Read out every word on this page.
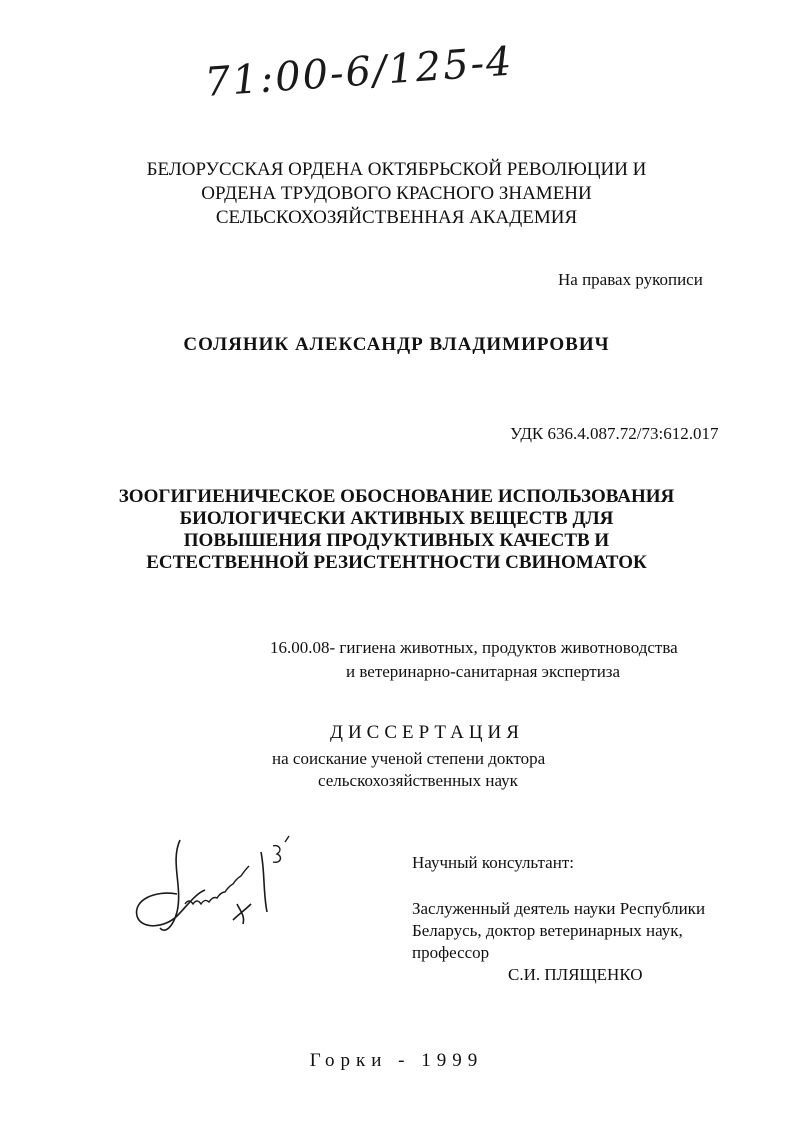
71:00-6/125-4
БЕЛОРУССКАЯ ОРДЕНА ОКТЯБРЬСКОЙ РЕВОЛЮЦИИ И
ОРДЕНА ТРУДОВОГО КРАСНОГО ЗНАМЕНИ
СЕЛЬСКОХОЗЯЙСТВЕННАЯ АКАДЕМИЯ
На правах рукописи
СОЛЯНИК АЛЕКСАНДР ВЛАДИМИРОВИЧ
УДК 636.4.087.72/73:612.017
ЗООГИГИЕНИЧЕСКОЕ ОБОСНОВАНИЕ ИСПОЛЬЗОВАНИЯ
БИОЛОГИЧЕСКИ АКТИВНЫХ ВЕЩЕСТВ ДЛЯ
ПОВЫШЕНИЯ ПРОДУКТИВНЫХ КАЧЕСТВ И
ЕСТЕСТВЕННОЙ РЕЗИСТЕНТНОСТИ СВИНОМАТОК
16.00.08- гигиена животных, продуктов животноводства
и ветеринарно-санитарная экспертиза
ДИССЕРТАЦИЯ
на соискание ученой степени доктора
сельскохозяйственных наук
Научный консультант:
Заслуженный деятель науки Республики
Беларусь, доктор ветеринарных наук,
профессор
С.И. ПЛЯЩЕНКО
Горки - 1999
